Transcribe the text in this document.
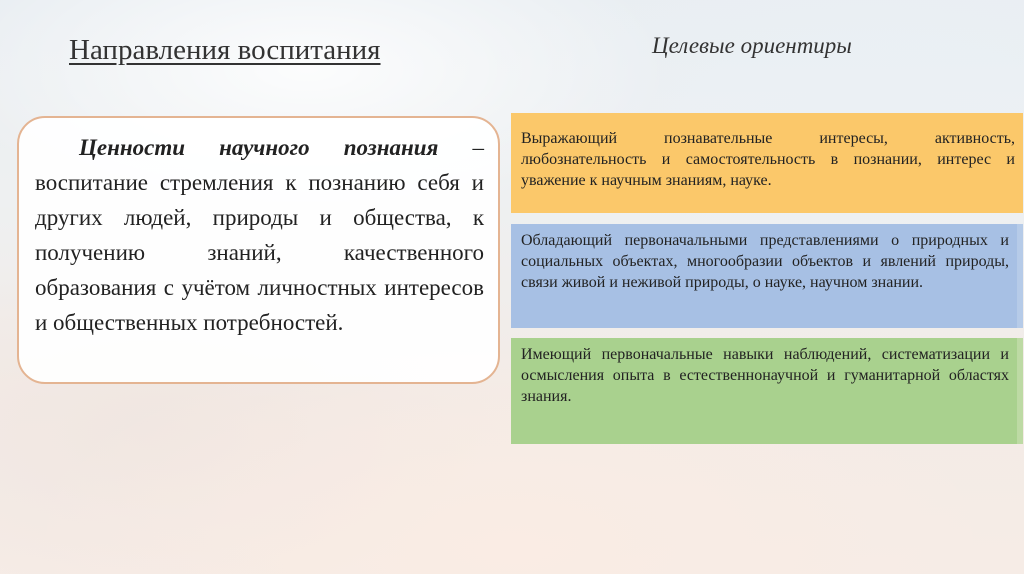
Направления воспитания	Целевые ориентиры
Ценности научного познания – воспитание стремления к познанию себя и других людей, природы и общества, к получению знаний, качественного образования с учётом личностных интересов и общественных потребностей.
Выражающий познавательные интересы, активность, любознательность и самостоятельность в познании, интерес и уважение к научным знаниям, науке.
Обладающий первоначальными представлениями о природных и социальных объектах, многообразии объектов и явлений природы, связи живой и неживой природы, о науке, научном знании.
Имеющий первоначальные навыки наблюдений, систематизации и осмысления опыта в естественнонаучной и гуманитарной областях знания.
